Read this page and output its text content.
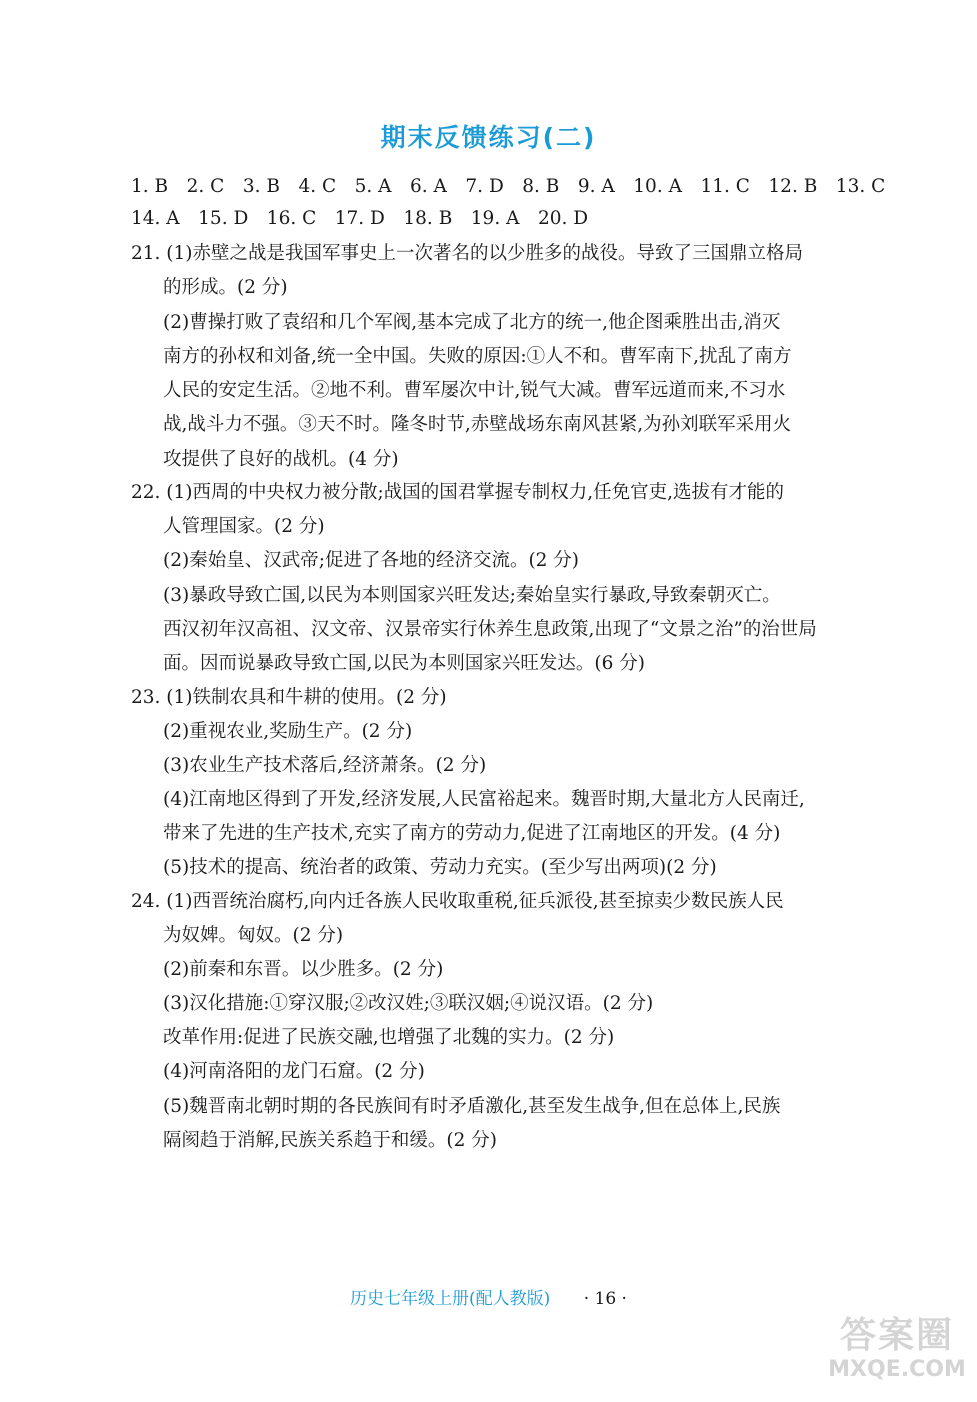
期末反馈练习(二)
1. B　2. C　3. B　4. C　5. A　6. A　7. D　8. B　9. A　10. A　11. C　12. B　13. C
14. A　15. D　16. C　17. D　18. B　19. A　20. D
21. (1)赤壁之战是我国军事史上一次著名的以少胜多的战役。导致了三国鼎立格局
的形成。(2 分)
(2)曹操打败了袁绍和几个军阀,基本完成了北方的统一,他企图乘胜出击,消灭
南方的孙权和刘备,统一全中国。失败的原因:①人不和。曹军南下,扰乱了南方
人民的安定生活。②地不利。曹军屡次中计,锐气大减。曹军远道而来,不习水
战,战斗力不强。③天不时。隆冬时节,赤壁战场东南风甚紧,为孙刘联军采用火
攻提供了良好的战机。(4 分)
22. (1)西周的中央权力被分散;战国的国君掌握专制权力,任免官吏,选拔有才能的
人管理国家。(2 分)
(2)秦始皇、汉武帝;促进了各地的经济交流。(2 分)
(3)暴政导致亡国,以民为本则国家兴旺发达;秦始皇实行暴政,导致秦朝灭亡。
西汉初年汉高祖、汉文帝、汉景帝实行休养生息政策,出现了“文景之治”的治世局
面。因而说暴政导致亡国,以民为本则国家兴旺发达。(6 分)
23. (1)铁制农具和牛耕的使用。(2 分)
(2)重视农业,奖励生产。(2 分)
(3)农业生产技术落后,经济萧条。(2 分)
(4)江南地区得到了开发,经济发展,人民富裕起来。魏晋时期,大量北方人民南迁,
带来了先进的生产技术,充实了南方的劳动力,促进了江南地区的开发。(4 分)
(5)技术的提高、统治者的政策、劳动力充实。(至少写出两项)(2 分)
24. (1)西晋统治腐朽,向内迁各族人民收取重税,征兵派役,甚至掠卖少数民族人民
为奴婢。匈奴。(2 分)
(2)前秦和东晋。以少胜多。(2 分)
(3)汉化措施:①穿汉服;②改汉姓;③联汉姻;④说汉语。(2 分)
改革作用:促进了民族交融,也增强了北魏的实力。(2 分)
(4)河南洛阳的龙门石窟。(2 分)
(5)魏晋南北朝时期的各民族间有时矛盾激化,甚至发生战争,但在总体上,民族
隔阂趋于消解,民族关系趋于和缓。(2 分)
历史七年级上册(配人教版) · 16 ·
答案圈
MXQE.COM
